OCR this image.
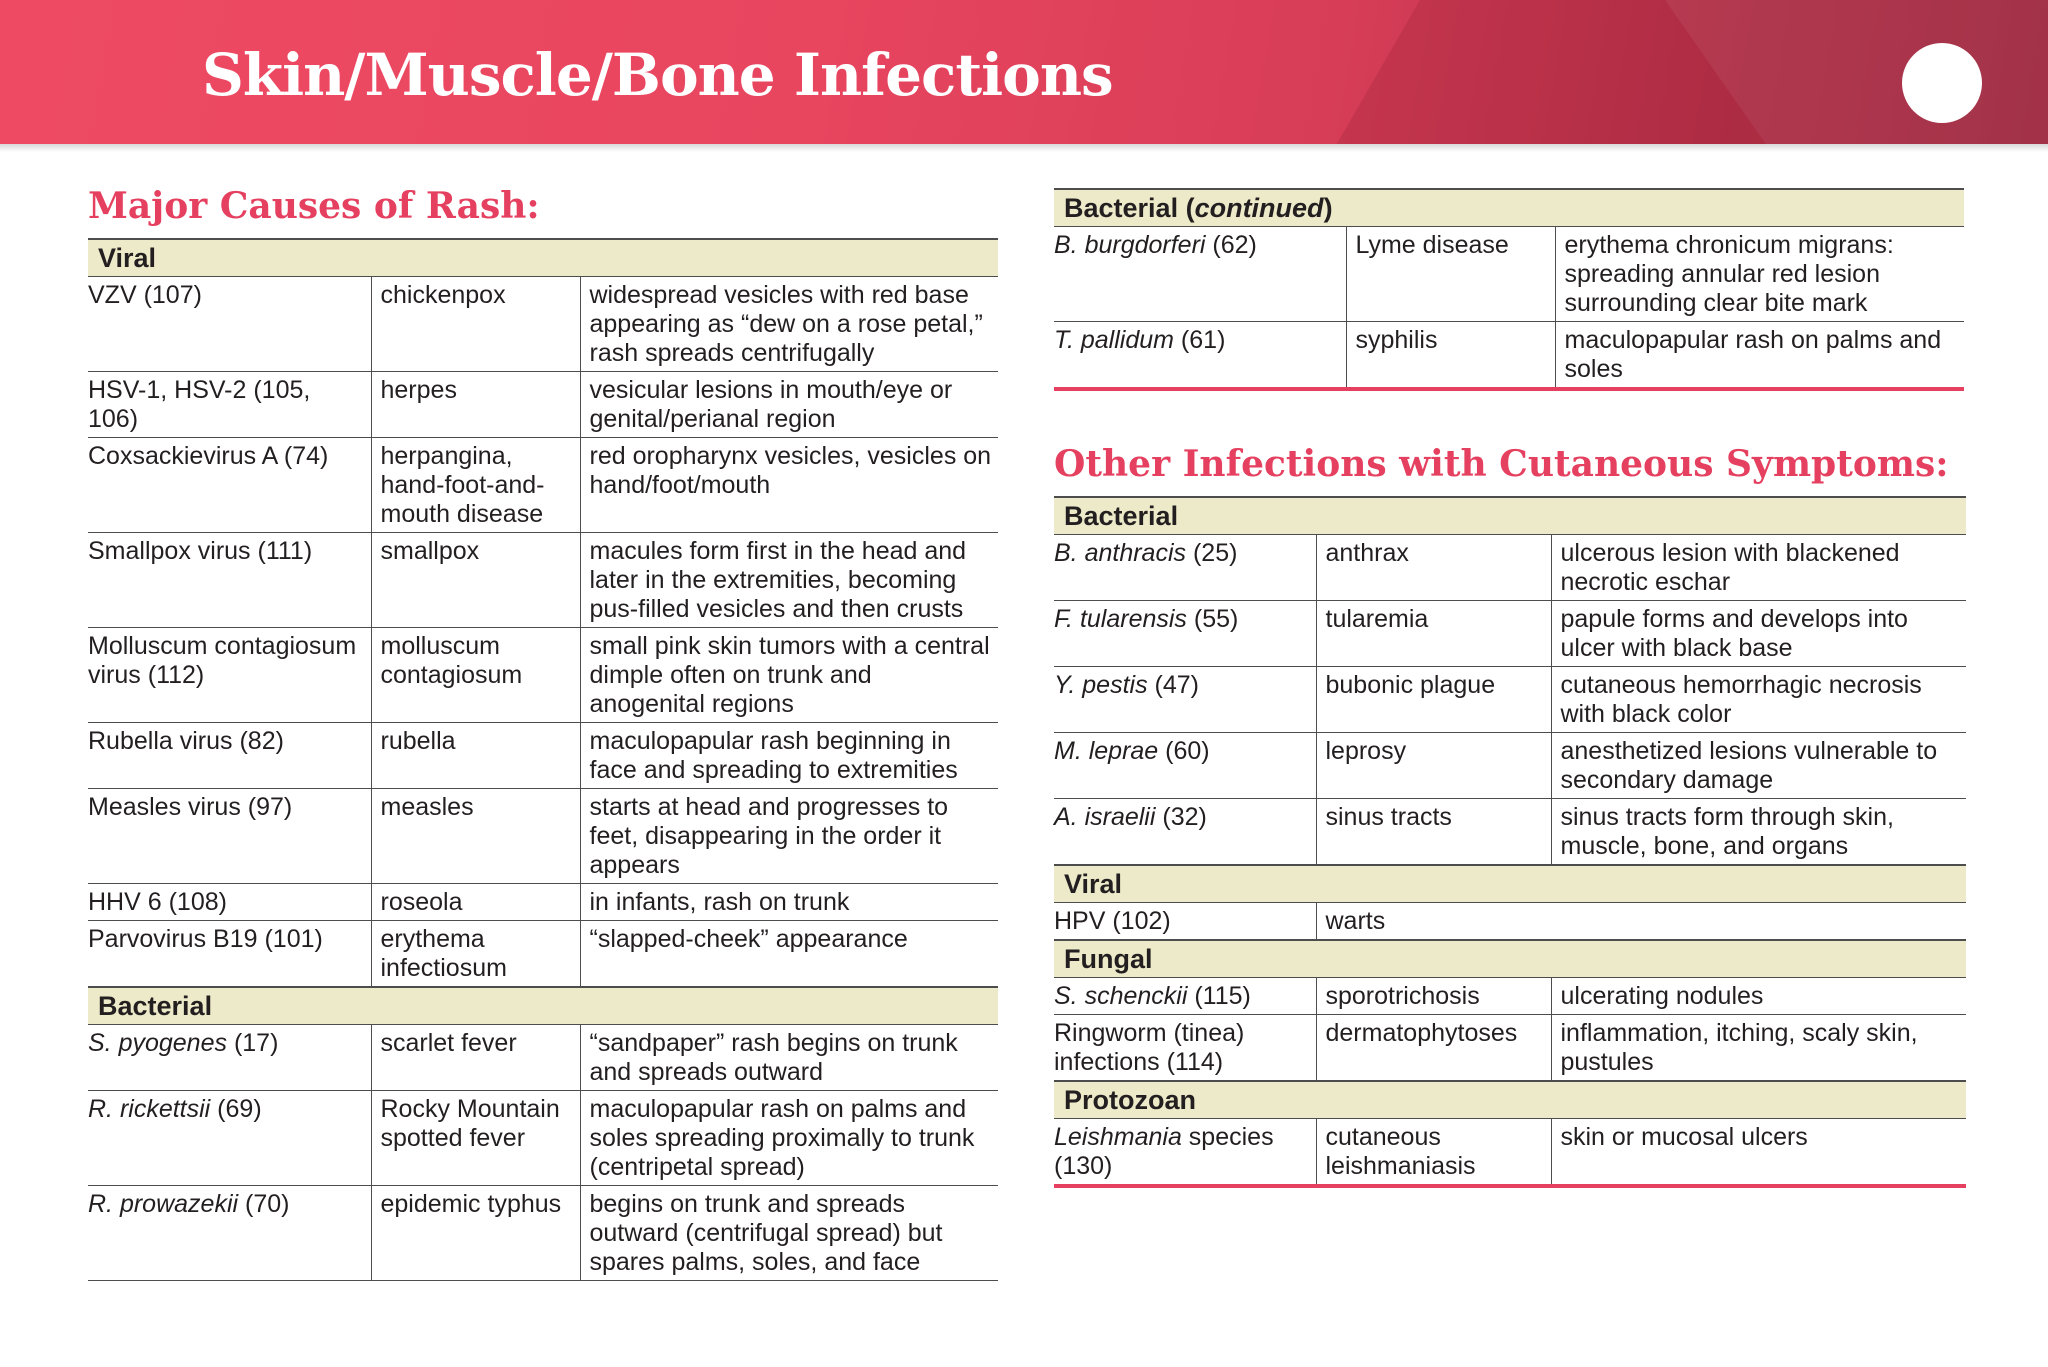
Skin/Muscle/Bone Infections
Major Causes of Rash:
Viral		
VZV (107)	chickenpox	widespread vesicles with red base appearing as “dew on a rose petal,” rash spreads centrifugally
HSV-1, HSV-2 (105, 106)	herpes	vesicular lesions in mouth/eye or genital/perianal region
Coxsackievirus A (74)	herpangina, hand-foot-and-mouth disease	red oropharynx vesicles, vesicles on hand/foot/mouth
Smallpox virus (111)	smallpox	macules form first in the head and later in the extremities, becoming pus-filled vesicles and then crusts
Molluscum contagiosum virus (112)	molluscum contagiosum	small pink skin tumors with a central dimple often on trunk and anogenital regions
Rubella virus (82)	rubella	maculopapular rash beginning in face and spreading to extremities
Measles virus (97)	measles	starts at head and progresses to feet, disappearing in the order it appears
HHV 6 (108)	roseola	in infants, rash on trunk
Parvovirus B19 (101)	erythema infectiosum	“slapped-cheek” appearance
Bacterial		
S. pyogenes (17)	scarlet fever	“sandpaper” rash begins on trunk and spreads outward
R. rickettsii (69)	Rocky Mountain spotted fever	maculopapular rash on palms and soles spreading proximally to trunk (centripetal spread)
R. prowazekii (70)	epidemic typhus	begins on trunk and spreads outward (centrifugal spread) but spares palms, soles, and face
Bacterial (continued)		
B. burgdorferi (62)	Lyme disease	erythema chronicum migrans: spreading annular red lesion surrounding clear bite mark
T. pallidum (61)	syphilis	maculopapular rash on palms and soles
Other Infections with Cutaneous Symptoms:
Bacterial		
B. anthracis (25)	anthrax	ulcerous lesion with blackened necrotic eschar
F. tularensis (55)	tularemia	papule forms and develops into ulcer with black base
Y. pestis (47)	bubonic plague	cutaneous hemorrhagic necrosis with black color
M. leprae (60)	leprosy	anesthetized lesions vulnerable to secondary damage
A. israelii (32)	sinus tracts	sinus tracts form through skin, muscle, bone, and organs
Viral		
HPV (102)	warts	
Fungal		
S. schenckii (115)	sporotrichosis	ulcerating nodules
Ringworm (tinea) infections (114)	dermatophytoses	inflammation, itching, scaly skin, pustules
Protozoan		
Leishmania species (130)	cutaneous leishmaniasis	skin or mucosal ulcers
